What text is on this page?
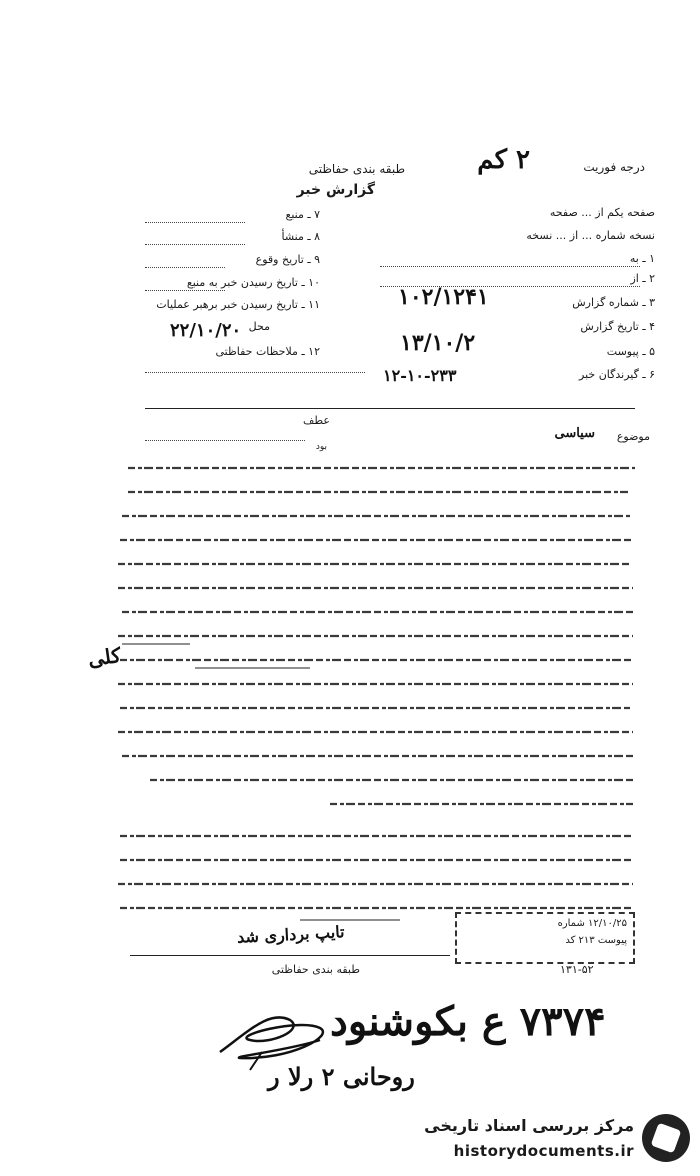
درجه فوریت
۲ کم
طبقه بندی حفاظتی
گزارش خبر
صفحه یکم از ... صفحه
نسخه شماره ... از ... نسخه
۱ ـ به
۲ ـ از
۳ ـ شماره گزارش
۱۰۲/۱۲۴۱
۴ ـ تاریخ گزارش
۵ ـ پیوست
۱۳/۱۰/۲
۶ ـ گیرندگان خبر
۱۲-۱۰-۲۳۳
۷ ـ منبع
۸ ـ منشأ
۹ ـ تاریخ وقوع
۱۰ ـ تاریخ رسیدن خبر به منبع
۱۱ ـ تاریخ رسیدن خبر برهبر عملیات
محل
۲۲/۱۰/۲۰
۱۲ ـ ملاحظات حفاظتی
عطف
بود
موضوع
سیاسی
کلی
تایپ برداری شد	۱۲/۱۰/۲۵ شماره
پیوست ۲۱۳ کد
طبقه بندی حفاظتی	۱۳۱-۵۲
۷۳۷۴ ع بکوشنود
روحانی ۲ رلا ر
مرکز بررسی اسناد تاریخی
historydocuments.ir
